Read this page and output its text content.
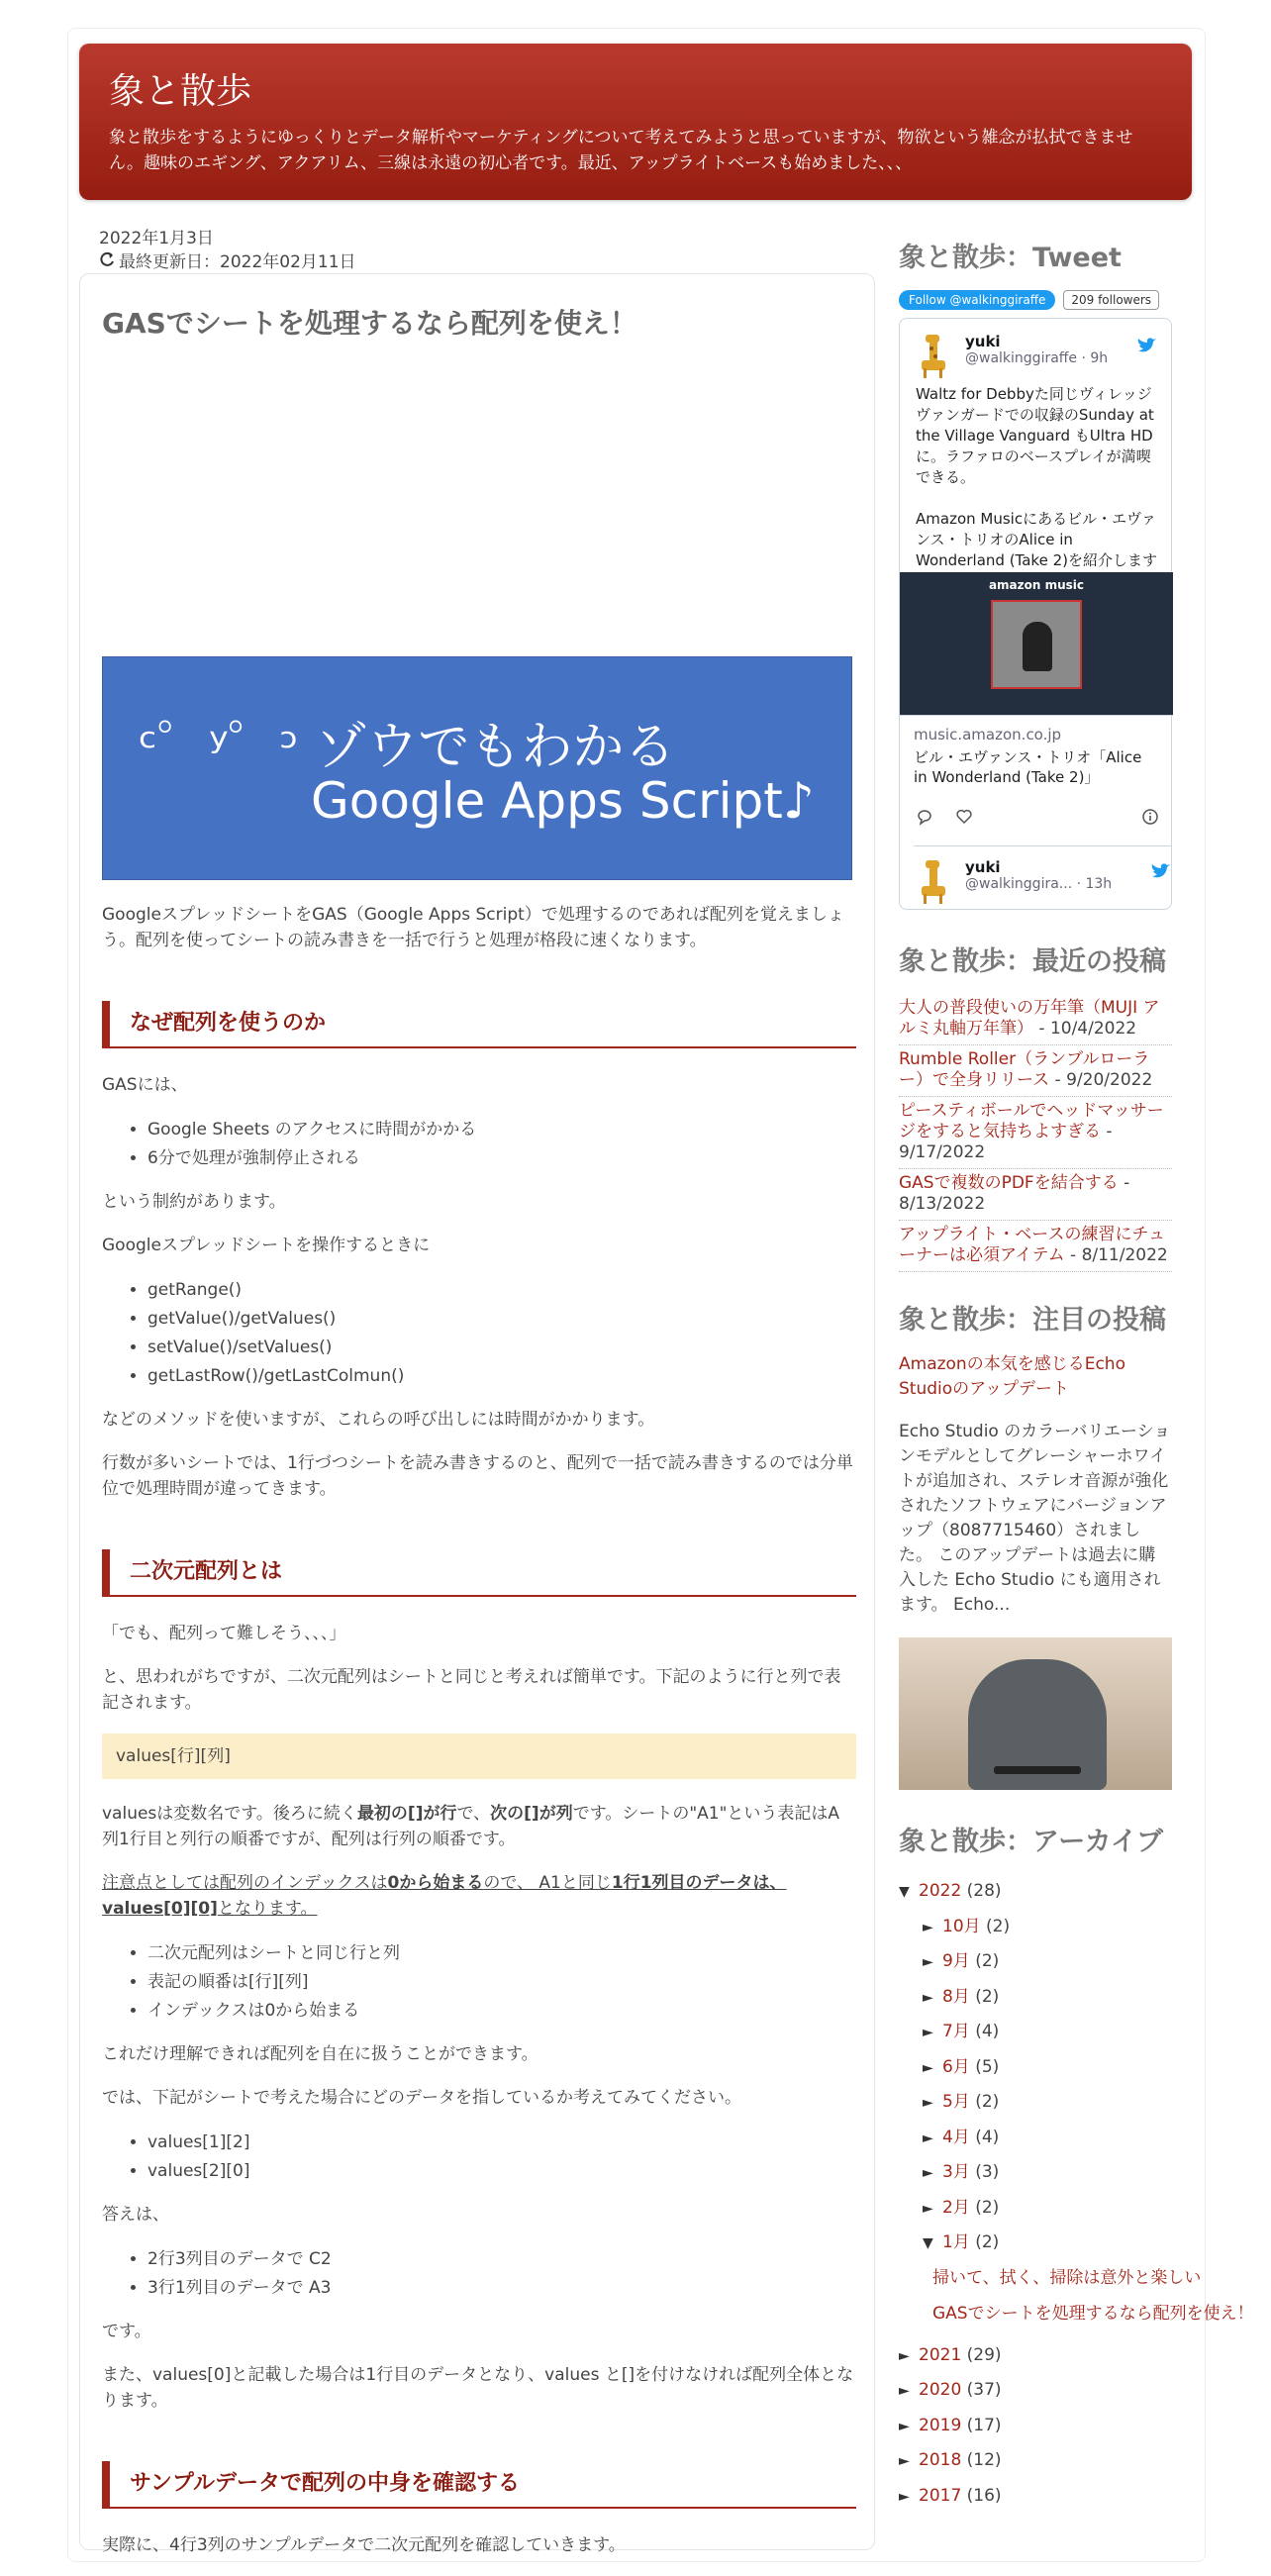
象と散歩

象と散歩をするようにゆっくりとデータ解析やマーケティングについて考えてみようと思っていますが、物欲という雑念が払拭できません。趣味のエギング、アクアリム、三線は永遠の初心者です。最近、アップライトベースも始めました、、、

2022年1月3日
最終更新日：2022年02月11日
GASでシートを処理するなら配列を使え！
ᶜ゜ʸ゜ᵓ ゾウでもわかる
Google Apps Script♪

GoogleスプレッドシートをGAS（Google Apps Script）で処理するのであれば配列を覚えましょう。配列を使ってシートの読み書きを一括で行うと処理が格段に速くなります。

なぜ配列を使うのか

GASには、

• Google Sheets のアクセスに時間がかかる
• 6分で処理が強制停止される

という制約があります。

Googleスプレッドシートを操作するときに

• getRange()
• getValue()/getValues()
• setValue()/setValues()
• getLastRow()/getLastColmun()

などのメソッドを使いますが、これらの呼び出しには時間がかかります。

行数が多いシートでは、1行づつシートを読み書きするのと、配列で一括で読み書きするのでは分単位で処理時間が違ってきます。

二次元配列とは

「でも、配列って難しそう、、、」

と、思われがちですが、二次元配列はシートと同じと考えれば簡単です。下記のように行と列で表記されます。

values[行][列]

valuesは変数名です。後ろに続く最初の[]が行で、次の[]が列です。シートの"A1"という表記はA列1行目と列行の順番ですが、配列は行列の順番です。

注意点としては配列のインデックスは0から始まるので、 A1と同じ1行1列目のデータは、values[0][0]となります。

• 二次元配列はシートと同じ行と列
• 表記の順番は[行][列]
• インデックスは0から始まる

これだけ理解できれば配列を自在に扱うことができます。

では、下記がシートで考えた場合にどのデータを指しているか考えてみてください。

• values[1][2]
• values[2][0]

答えは、

• 2行3列目のデータで C2
• 3行1列目のデータで A3

です。

また、values[0]と記載した場合は1行目のデータとなり、values と[]を付けなければ配列全体となります。

サンプルデータで配列の中身を確認する

実際に、4行3列のサンプルデータで二次元配列を確認していきます。

象と散歩：Tweet
Follow @walkinggiraffe	209 followers
yuki
@walkinggiraffe · 9h

Waltz for Debbyた同じヴィレッジヴァンガードでの収録のSunday at the Village Vanguard もUltra HDに。ラファロのベースプレイが満喫できる。

Amazon Musicにあるビル・エヴァンス・トリオのAlice in Wonderland (Take 2)を紹介します

amazon music
music.amazon.co.jp
ビル・エヴァンス・トリオ「Alice in Wonderland (Take 2)」
yuki
@walkinggira... · 13h
象と散歩：最近の投稿
大人の普段使いの万年筆（MUJI アルミ丸軸万年筆） - 10/4/2022
Rumble Roller（ランブルローラー）で全身リリース - 9/20/2022
ピースティボールでヘッドマッサージをすると気持ちよすぎる - 9/17/2022
GASで複数のPDFを結合する - 8/13/2022
アップライト・ベースの練習にチューナーは必須アイテム - 8/11/2022
象と散歩：注目の投稿
Amazonの本気を感じるEcho Studioのアップデート

Echo Studio のカラーバリエーションモデルとしてグレーシャーホワイトが追加され、ステレオ音源が強化されたソフトウェアにバージョンアップ（8087715460）されました。 このアップデートは過去に購入した Echo Studio にも適用されます。 Echo...

象と散歩：アーカイブ
▼ 2022 (28)
► 10月 (2)
► 9月 (2)
► 8月 (2)
► 7月 (4)
► 6月 (5)
► 5月 (2)
► 4月 (4)
► 3月 (3)
► 2月 (2)
▼ 1月 (2)
掃いて、拭く、掃除は意外と楽しい
GASでシートを処理するなら配列を使え！
► 2021 (29)
► 2020 (37)
► 2019 (17)
► 2018 (12)
► 2017 (16)
